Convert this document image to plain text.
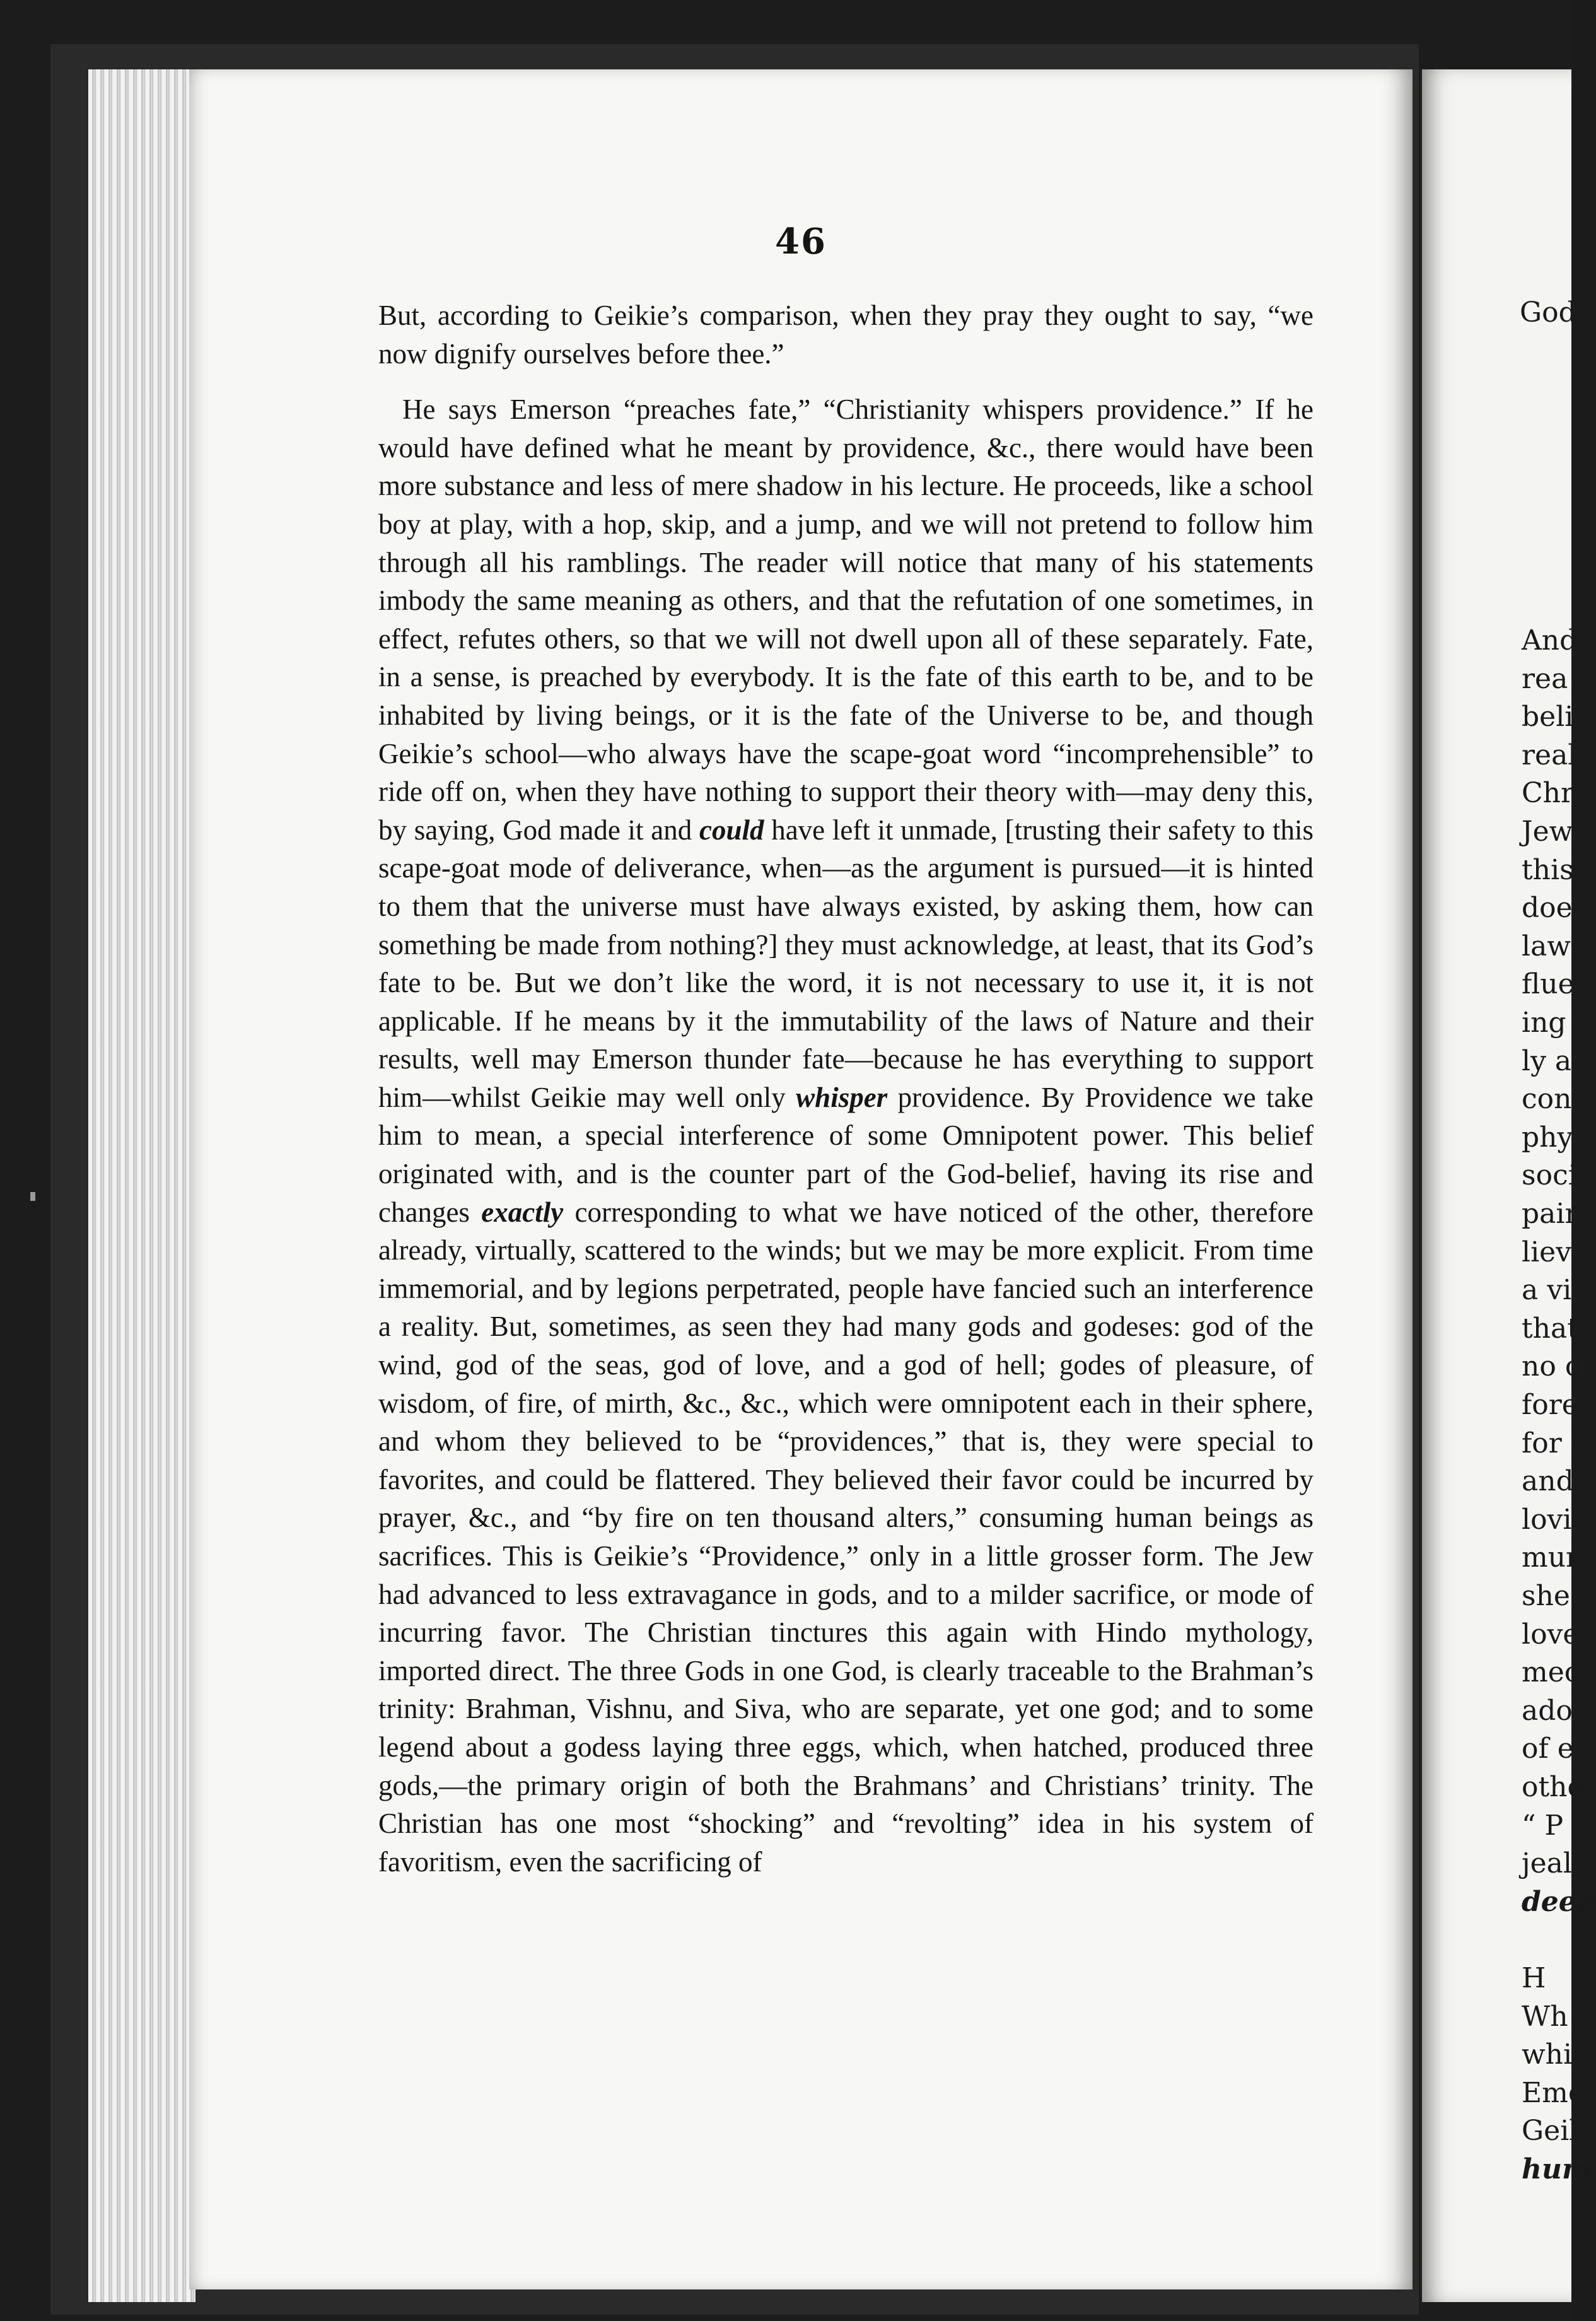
46

But, according to Geikie’s comparison, when they pray they ought to say, “we now dignify ourselves before thee.”

He says Emerson “preaches fate,” “Christianity whispers providence.” If he would have defined what he meant by providence, &c., there would have been more substance and less of mere shadow in his lecture. He proceeds, like a school boy at play, with a hop, skip, and a jump, and we will not pretend to follow him through all his ramblings. The reader will notice that many of his statements imbody the same meaning as others, and that the refutation of one sometimes, in effect, refutes others, so that we will not dwell upon all of these separately. Fate, in a sense, is preached by everybody. It is the fate of this earth to be, and to be inhabited by living beings, or it is the fate of the Universe to be, and though Geikie’s school—who always have the scape-goat word “incomprehensible” to ride off on, when they have nothing to support their theory with—may deny this, by saying, God made it and could have left it unmade, [trusting their safety to this scape-goat mode of deliverance, when—as the argument is pursued—it is hinted to them that the universe must have always existed, by asking them, how can something be made from nothing?] they must acknowledge, at least, that its God’s fate to be. But we don’t like the word, it is not necessary to use it, it is not applicable. If he means by it the immutability of the laws of Nature and their results, well may Emerson thunder fate—because he has everything to support him—whilst Geikie may well only whisper providence. By Providence we take him to mean, a special interference of some Omnipotent power. This belief originated with, and is the counter part of the God-belief, having its rise and changes exactly corresponding to what we have noticed of the other, therefore already, virtually, scattered to the winds; but we may be more explicit. From time immemorial, and by legions perpetrated, people have fancied such an interference a reality. But, sometimes, as seen they had many gods and godeses: god of the wind, god of the seas, god of love, and a god of hell; godes of pleasure, of wisdom, of fire, of mirth, &c., &c., which were omnipotent each in their sphere, and whom they believed to be “providences,” that is, they were special to favorites, and could be flattered. They believed their favor could be incurred by prayer, &c., and “by fire on ten thousand alters,” consuming human beings as sacrifices. This is Geikie’s “Providence,” only in a little grosser form. The Jew had advanced to less extravagance in gods, and to a milder sacrifice, or mode of incurring favor. The Christian tinctures this again with Hindo mythology, imported direct. The three Gods in one God, is clearly traceable to the Brahman’s trinity: Brahman, Vishnu, and Siva, who are separate, yet one god; and to some legend about a godess laying three eggs, which, when hatched, produced three gods,—the primary origin of both the Brahmans’ and Christians’ trinity. The Christian has one most “shocking” and “revolting” idea in his system of favoritism, even the sacrificing of

God
And
rea
beli
real
Chr
Jew
this
doe
law
flue
ing
ly a
con
phy
soci
pair
liev
a vi
that
no o
fore
for c
and
lovi
mur
she
love
mec
ado
of e
othe
“ P
jeal
deep
H
Wh
whi
Eme
Geil
hum
